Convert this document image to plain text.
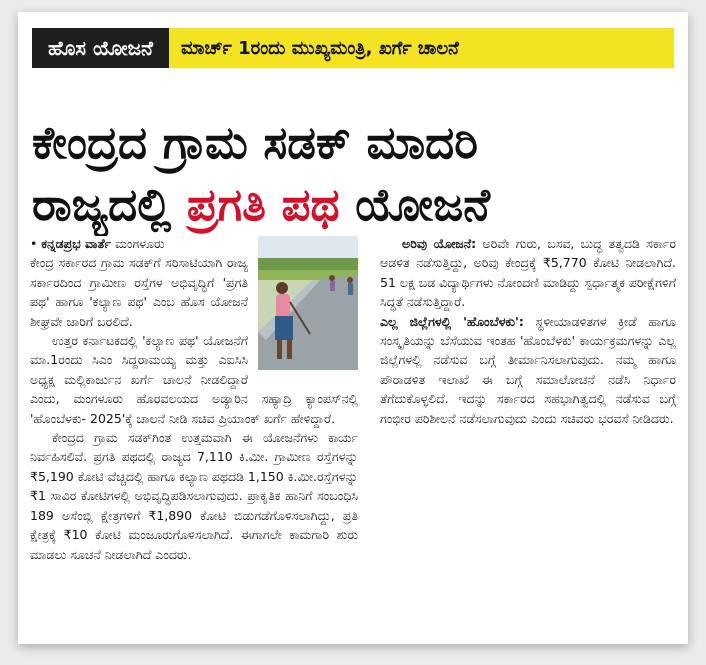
ಹೊಸ ಯೋಜನೆ	ಮಾರ್ಚ್ 1ರಂದು ಮುಖ್ಯಮಂತ್ರಿ, ಖರ್ಗೆ ಚಾಲನೆ
ಕೇಂದ್ರದ ಗ್ರಾಮ ಸಡಕ್ ಮಾದರಿ
ರಾಜ್ಯದಲ್ಲಿ ಪ್ರಗತಿ ಪಥ ಯೋಜನೆ

• ಕನ್ನಡಪ್ರಭ ವಾರ್ತೆ ಮಂಗಳೂರು

ಕೇಂದ್ರ ಸರ್ಕಾರದ ಗ್ರಾಮ ಸಡಕ್‌ಗೆ ಸರಿಸಾಟಿಯಾಗಿ ರಾಜ್ಯ ಸರ್ಕಾರದಿಂದ ಗ್ರಾಮೀಣ ರಸ್ತೆಗಳ ಅಭಿವೃದ್ಧಿಗೆ 'ಪ್ರಗತಿ ಪಥ' ಹಾಗೂ 'ಕಲ್ಯಾಣ ಪಥ' ಎಂಬ ಹೊಸ ಯೋಜನೆ ಶೀಘ್ರವೇ ಜಾರಿಗೆ ಬರಲಿದೆ.

ಉತ್ತರ ಕರ್ನಾಟಕದಲ್ಲಿ 'ಕಲ್ಯಾಣ ಪಥ' ಯೋಜನೆಗೆ ಮಾ.1ರಂದು ಸಿಎಂ ಸಿದ್ದರಾಮಯ್ಯ ಮತ್ತು ಎಐಸಿಸಿ ಅಧ್ಯಕ್ಷ ಮಲ್ಲಿಕಾರ್ಜುನ ಖರ್ಗೆ ಚಾಲನೆ ನೀಡಲಿದ್ದಾರೆ ಎಂದು, ಮಂಗಳೂರು ಹೊರವಲಯದ ಅಡ್ಯಾರಿನ ಸಹ್ಯಾದ್ರಿ ಕ್ಯಾಂಪಸ್‌ನಲ್ಲಿ 'ಹೊಂಬೆಳಕು- 2025'ಕ್ಕೆ ಚಾಲನೆ ನೀಡಿ ಸಚಿವ ಪ್ರಿಯಾಂಕ್ ಖರ್ಗೆ ಹೇಳಿದ್ದಾರೆ.

ಕೇಂದ್ರದ ಗ್ರಾಮ ಸಡಕ್‌ಗಿಂತ ಉತ್ತಮವಾಗಿ ಈ ಯೋಜನೆಗಳು ಕಾರ್ಯ ನಿರ್ವಹಿಸಲಿವೆ. ಪ್ರಗತಿ ಪಥದಲ್ಲಿ ರಾಜ್ಯದ 7,110 ಕಿ.ಮೀ. ಗ್ರಾಮೀಣ ರಸ್ತೆಗಳನ್ನು ₹5,190 ಕೋಟಿ ವೆಚ್ಚದಲ್ಲಿ ಹಾಗೂ ಕಲ್ಯಾಣ ಪಥದಡಿ 1,150 ಕಿ.ಮೀ.ರಸ್ತೆಗಳನ್ನು ₹1 ಸಾವಿರ ಕೋಟಿಗಳಲ್ಲಿ ಅಭಿವೃದ್ಧಿಪಡಿಸಲಾಗುವುದು. ಪ್ರಾಕೃತಿಕ ಹಾನಿಗೆ ಸಂಬಂಧಿಸಿ 189 ಅಸೆಂಬ್ಲಿ ಕ್ಷೇತ್ರಗಳಿಗೆ ₹1,890 ಕೋಟಿ ಬಿಡುಗಡೆಗೊಳಿಸಲಾಗಿದ್ದು, ಪ್ರತಿ ಕ್ಷೇತ್ರಕ್ಕೆ ₹10 ಕೋಟಿ ಮಂಜೂರುಗೊಳಿಸಲಾಗಿದೆ. ಈಗಾಗಲೇ ಕಾಮಗಾರಿ ಶುರು ಮಾಡಲು ಸೂಚನೆ ನೀಡಲಾಗಿದೆ ಎಂದರು.

ಅರಿವು ಯೋಜನೆ: ಅರಿವೇ ಗುರು, ಬಸವ, ಬುದ್ಧ ತತ್ವದಡಿ ಸರ್ಕಾರ ಆಡಳಿತ ನಡೆಸುತ್ತಿದ್ದು, ಅರಿವು ಕೇಂದ್ರಕ್ಕೆ ₹5,770 ಕೋಟಿ ನೀಡಲಾಗಿದೆ. 51 ಲಕ್ಷ ಬಡ ವಿದ್ಯಾರ್ಥಿಗಳು ನೋಂದಣಿ ಮಾಡಿದ್ದು ಸ್ಪರ್ಧಾತ್ಮಕ ಪರೀಕ್ಷೆಗಳಿಗೆ ಸಿದ್ಧತೆ ನಡೆಸುತ್ತಿದ್ದಾರೆ.

ಎಲ್ಲ ಜಿಲ್ಲೆಗಳಲ್ಲಿ 'ಹೊಂಬೆಳಕು': ಸ್ಥಳೀಯಾಡಳಿತಗಳ ಕ್ರೀಡೆ ಹಾಗೂ ಸಂಸ್ಕೃತಿಯನ್ನು ಬೆಸೆಯುವ ಇಂತಹ 'ಹೊಂಬೆಳಕು' ಕಾರ್ಯಕ್ರಮಗಳನ್ನು ಎಲ್ಲ ಜಿಲ್ಲೆಗಳಲ್ಲಿ ನಡೆಸುವ ಬಗ್ಗೆ ತೀರ್ಮಾನಿಸಲಾಗುವುದು. ನಮ್ಮ ಹಾಗೂ ಪೌರಾಡಳಿತ ಇಲಾಖೆ ಈ ಬಗ್ಗೆ ಸಮಾಲೋಚನೆ ನಡೆಸಿ ನಿರ್ಧಾರ ತೆಗೆದುಕೊಳ್ಳಲಿದೆ. ಇದನ್ನು ಸರ್ಕಾರದ ಸಹಭಾಗಿತ್ವದಲ್ಲಿ ನಡೆಸುವ ಬಗ್ಗೆ ಗಂಭೀರ ಪರಿಶೀಲನೆ ನಡೆಸಲಾಗುವುದು ಎಂದು ಸಚಿವರು ಭರವಸೆ ನೀಡಿದರು.
